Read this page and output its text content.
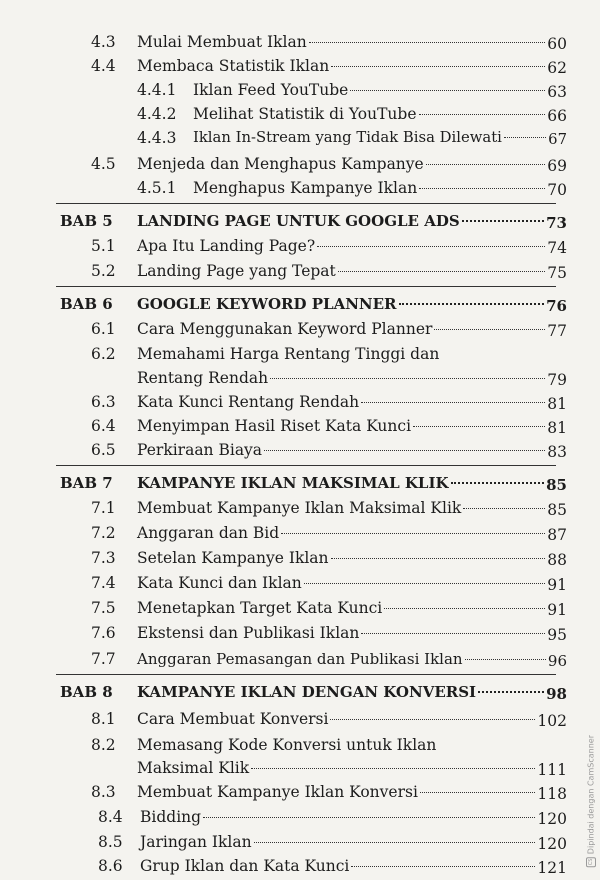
4.3 Mulai Membuat Iklan	60
4.4 Membaca Statistik Iklan	62
4.4.1 Iklan Feed YouTube	63
4.4.2 Melihat Statistik di YouTube	66
4.4.3 Iklan In-Stream yang Tidak Bisa Dilewati	67
4.5 Menjeda dan Menghapus Kampanye	69
4.5.1 Menghapus Kampanye Iklan	70
BAB 5 LANDING PAGE UNTUK GOOGLE ADS	73
5.1 Apa Itu Landing Page?	74
5.2 Landing Page yang Tepat	75
BAB 6 GOOGLE KEYWORD PLANNER	76
6.1 Cara Menggunakan Keyword Planner	77
6.2 Memahami Harga Rentang Tinggi dan
Rentang Rendah	79
6.3 Kata Kunci Rentang Rendah	81
6.4 Menyimpan Hasil Riset Kata Kunci	81
6.5 Perkiraan Biaya	83
BAB 7 KAMPANYE IKLAN MAKSIMAL KLIK	85
7.1 Membuat Kampanye Iklan Maksimal Klik	85
7.2 Anggaran dan Bid	87
7.3 Setelan Kampanye Iklan	88
7.4 Kata Kunci dan Iklan	91
7.5 Menetapkan Target Kata Kunci	91
7.6 Ekstensi dan Publikasi Iklan	95
7.7 Anggaran Pemasangan dan Publikasi Iklan	96
BAB 8 KAMPANYE IKLAN DENGAN KONVERSI	98
8.1 Cara Membuat Konversi	102
8.2 Memasang Kode Konversi untuk Iklan
Maksimal Klik	111
8.3 Membuat Kampanye Iklan Konversi	118
8.4 Bidding	120
8.5 Jaringan Iklan	120
8.6 Grup Iklan dan Kata Kunci	121	CS
Dipindai dengan CamScanner
